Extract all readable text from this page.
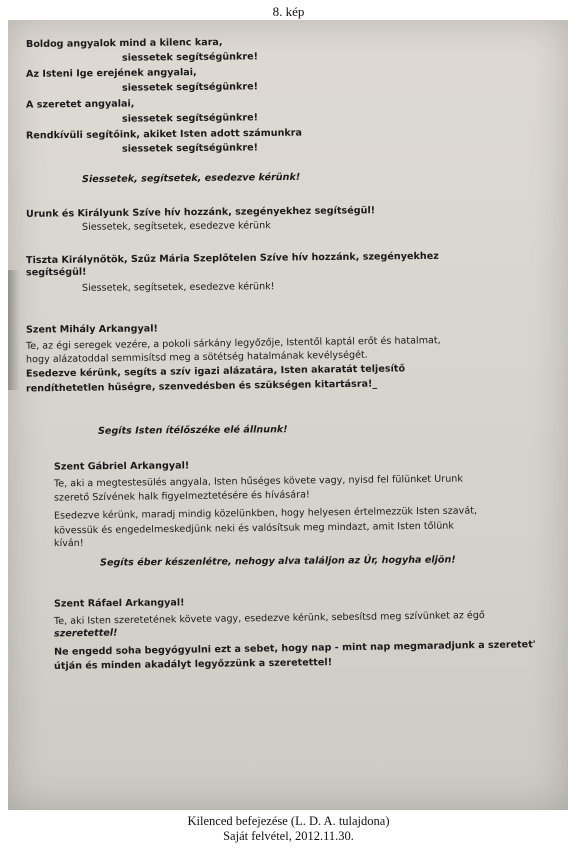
8. kép
Boldog angyalok mind a kilenc kara,
siessetek segítségünkre!
Az Isteni Ige erejének angyalai,
siessetek segítségünkre!
A szeretet angyalai,
siessetek segítségünkre!
Rendkívüli segítőink, akiket Isten adott számunkra
siessetek segítségünkre!
Siessetek, segítsetek, esedezve kérünk!
Urunk és Királyunk Szíve hív hozzánk, szegényekhez segítségül!
Siessetek, segítsetek, esedezve kérünk
Tiszta Királynőtök, Szűz Mária Szeplőtelen Szíve hív hozzánk, szegényekhez
segítségül!
Siessetek, segítsetek, esedezve kérünk!
Szent Mihály Arkangyal!
Te, az égi seregek vezére, a pokoli sárkány legyőzője, Istentől kaptál erőt és hatalmat,
hogy alázatoddal semmisítsd meg a sötétség hatalmának kevélységét.
Esedezve kérünk, segíts a szív igazi alázatára, Isten akaratát teljesítő
rendíthetetlen hűségre, szenvedésben és szükségen kitartásra!_
Segíts Isten ítélőszéke elé állnunk!
Szent Gábriel Arkangyal!
Te, aki a megtestesülés angyala, Isten hűséges követe vagy, nyisd fel fülünket Urunk
szerető Szívének halk figyelmeztetésére és hívására!
Esedezve kérünk, maradj mindig közelünkben, hogy helyesen értelmezzük Isten szavát,
kövessük és engedelmeskedjünk neki és valósítsuk meg mindazt, amit Isten tőlünk
kíván!
Segíts éber készenlétre, nehogy alva találjon az Úr, hogyha eljön!
Szent Ráfael Arkangyal!
Te, aki Isten szeretetének követe vagy, esedezve kérünk, sebesítsd meg szívünket az égő
szeretettel!
Ne engedd soha begyógyulni ezt a sebet, hogy nap - mint nap megmaradjunk a szeretet'
útján és minden akadályt legyőzzünk a szeretettel!
Kilenced befejezése (L. D. A. tulajdona)
Saját felvétel, 2012.11.30.
